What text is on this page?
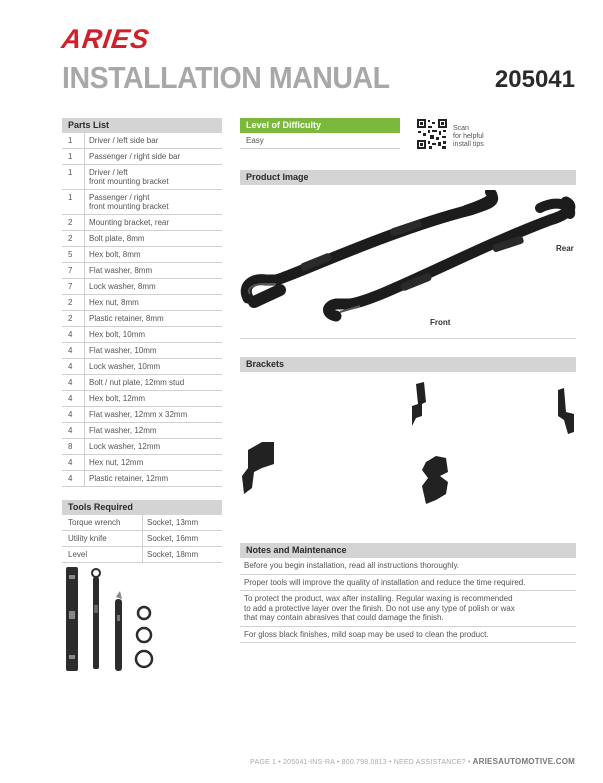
ARIES
INSTALLATION MANUAL	205041
Parts List
1	Driver / left side bar
1	Passenger / right side bar
1	Driver / left
front mounting bracket
1	Passenger / right
front mounting bracket
2	Mounting bracket, rear
2	Bolt plate, 8mm
5	Hex bolt, 8mm
7	Flat washer, 8mm
7	Lock washer, 8mm
2	Hex nut, 8mm
2	Plastic retainer, 8mm
4	Hex bolt, 10mm
4	Flat washer, 10mm
4	Lock washer, 10mm
4	Bolt / nut plate, 12mm stud
4	Hex bolt, 12mm
4	Flat washer, 12mm x 32mm
4	Flat washer, 12mm
8	Lock washer, 12mm
4	Hex nut, 12mm
4	Plastic retainer, 12mm
Tools Required
Torque wrench	Socket, 13mm
Utility knife	Socket, 16mm
Level	Socket, 18mm
Level of Difficulty
Easy
Scan
for helpful
install tips
Product Image
Rear
Front
Brackets
Notes and Maintenance
Before you begin installation, read all instructions thoroughly.
Proper tools will improve the quality of installation and reduce the time required.
To protect the product, wax after installing. Regular waxing is recommended
to add a protective layer over the finish. Do not use any type of polish or wax
that may contain abrasives that could damage the finish.
For gloss black finishes, mild soap may be used to clean the product.
PAGE 1 • 205041-INS-RA • 800.798.0813 • NEED ASSISTANCE? • ARIESAUTOMOTIVE.COM
